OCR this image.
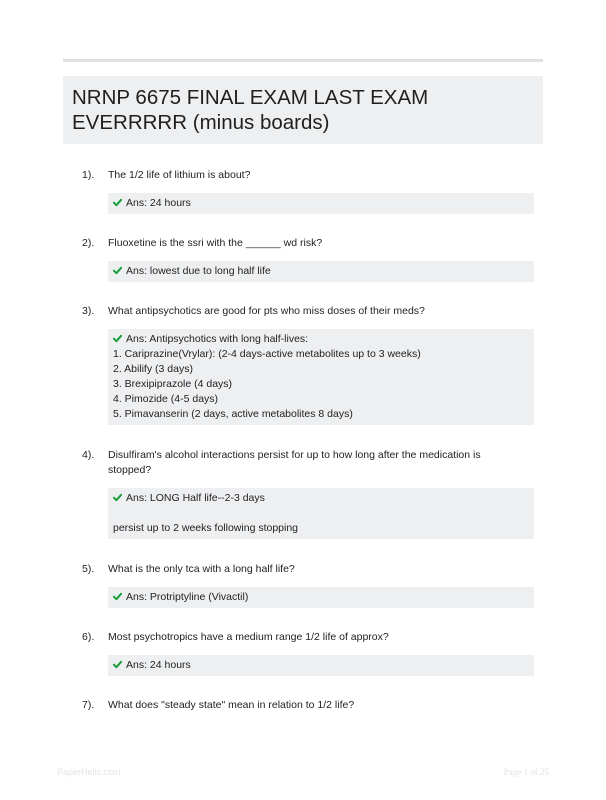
NRNP 6675 FINAL EXAM LAST EXAM EVERRRRR (minus boards)
1). The 1/2 life of lithium is about?
Ans: 24 hours
2). Fluoxetine is the ssri with the ______ wd risk?
Ans: lowest due to long half life
3). What antipsychotics are good for pts who miss doses of their meds?
Ans: Antipsychotics with long half-lives:
1. Cariprazine(Vrylar): (2-4 days-active metabolites up to 3 weeks)
2. Abilify (3 days)
3. Brexipiprazole (4 days)
4. Pimozide (4-5 days)
5. Pimavanserin (2 days, active metabolites 8 days)
4). Disulfiram's alcohol interactions persist for up to how long after the medication is stopped?
Ans: LONG Half life--2-3 days
persist up to 2 weeks following stopping
5). What is the only tca with a long half life?
Ans: Protriptyline (Vivactil)
6). Most psychotropics have a medium range 1/2 life of approx?
Ans: 24 hours
7). What does "steady state" mean in relation to 1/2 life?
PaperHelic.com	Page 1 of 25
